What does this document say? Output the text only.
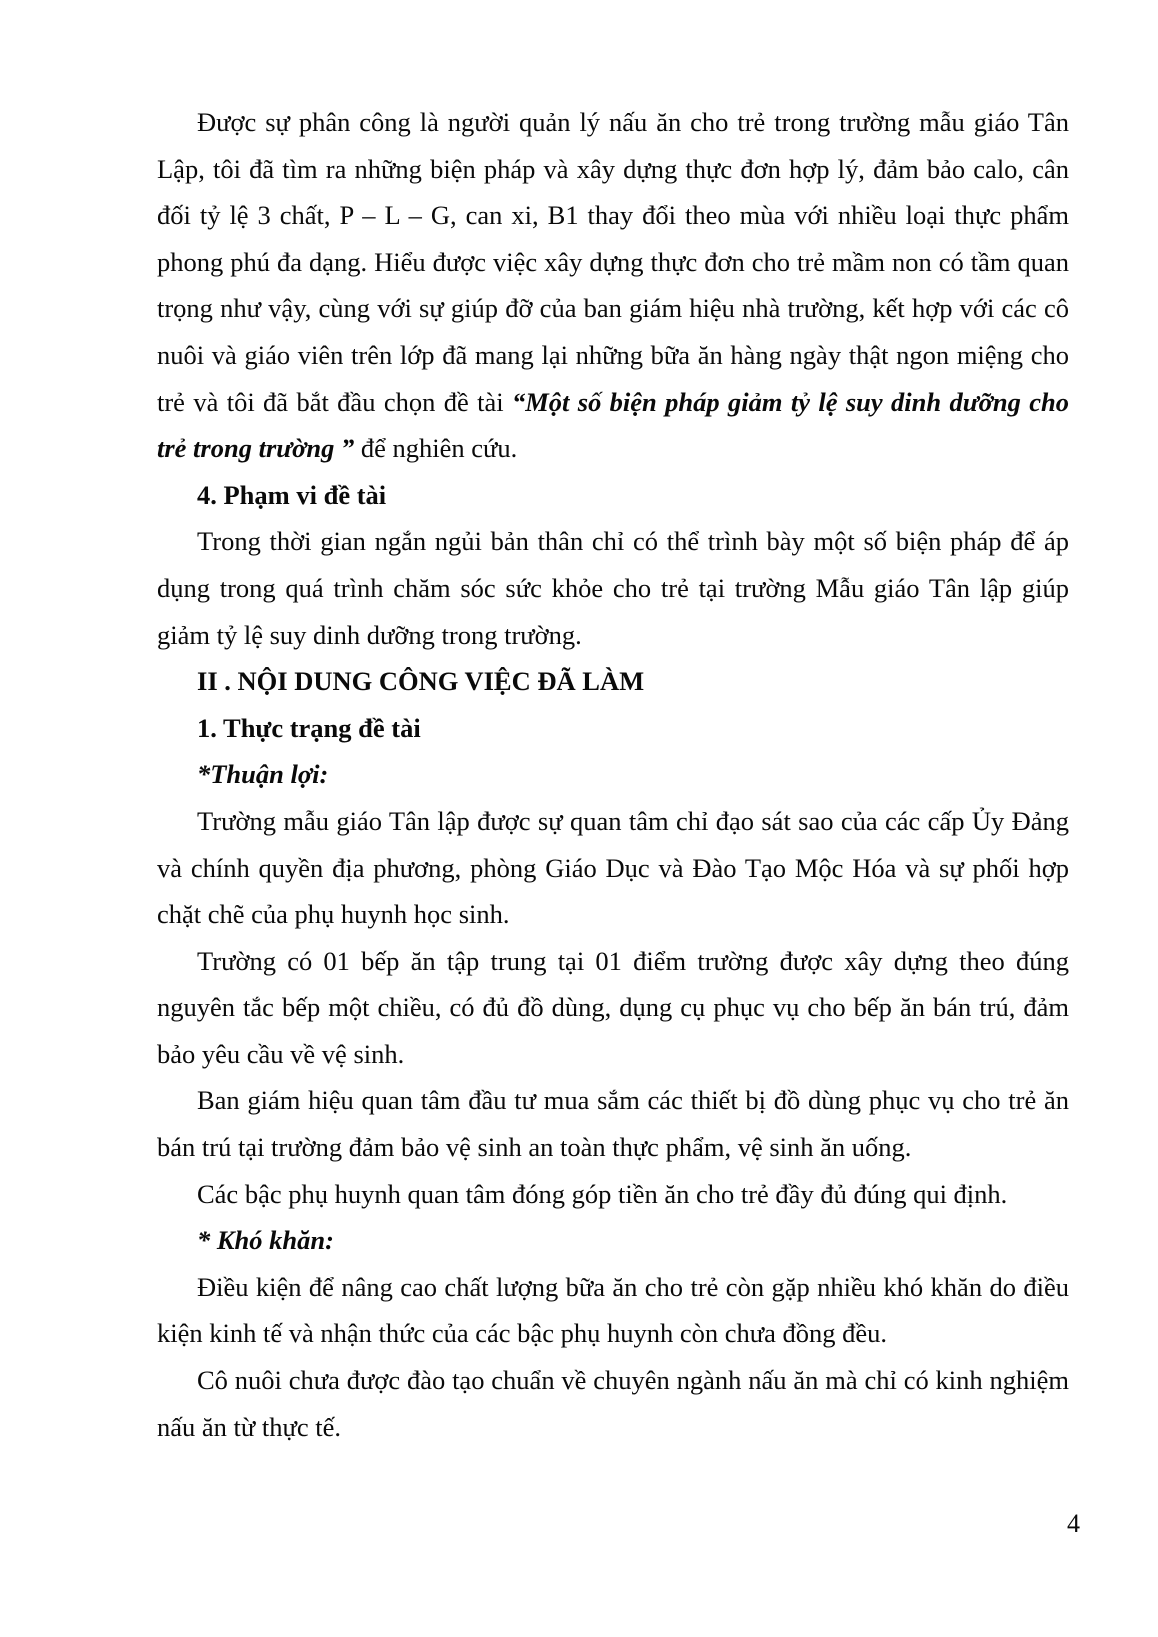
Được sự phân công là người quản lý nấu ăn cho trẻ trong trường mẫu giáo Tân Lập, tôi đã tìm ra những biện pháp và xây dựng thực đơn hợp lý, đảm bảo calo, cân đối tỷ lệ 3 chất, P – L – G, can xi, B1 thay đổi theo mùa với nhiều loại thực phẩm phong phú đa dạng. Hiểu được việc xây dựng thực đơn cho trẻ mầm non có tầm quan trọng như vậy, cùng với sự giúp đỡ của ban giám hiệu nhà trường, kết hợp với các cô nuôi và giáo viên trên lớp đã mang lại những bữa ăn hàng ngày thật ngon miệng cho trẻ và tôi đã bắt đầu chọn đề tài “Một số biện pháp giảm tỷ lệ suy dinh dưỡng cho trẻ trong trường ” để nghiên cứu.

4. Phạm vi đề tài

Trong thời gian ngắn ngủi bản thân chỉ có thể trình bày một số biện pháp để áp dụng trong quá trình chăm sóc sức khỏe cho trẻ tại trường Mẫu giáo Tân lập giúp giảm tỷ lệ suy dinh dưỡng trong trường.

II . NỘI DUNG CÔNG VIỆC ĐÃ LÀM

1. Thực trạng đề tài

*Thuận lợi:

Trường mẫu giáo Tân lập được sự quan tâm chỉ đạo sát sao của các cấp Ủy Đảng và chính quyền địa phương, phòng Giáo Dục và Đào Tạo Mộc Hóa và sự phối hợp chặt chẽ của phụ huynh học sinh.

Trường có 01 bếp ăn tập trung tại 01 điểm trường được xây dựng theo đúng nguyên tắc bếp một chiều, có đủ đồ dùng, dụng cụ phục vụ cho bếp ăn bán trú, đảm bảo yêu cầu về vệ sinh.

Ban giám hiệu quan tâm đầu tư mua sắm các thiết bị đồ dùng phục vụ cho trẻ ăn bán trú tại trường đảm bảo vệ sinh an toàn thực phẩm, vệ sinh ăn uống.

Các bậc phụ huynh quan tâm đóng góp tiền ăn cho trẻ đầy đủ đúng qui định.

* Khó khăn:

Điều kiện để nâng cao chất lượng bữa ăn cho trẻ còn gặp nhiều khó khăn do điều kiện kinh tế và nhận thức của các bậc phụ huynh còn chưa đồng đều.

Cô nuôi chưa được đào tạo chuẩn về chuyên ngành nấu ăn mà chỉ có kinh nghiệm nấu ăn từ thực tế.

4
